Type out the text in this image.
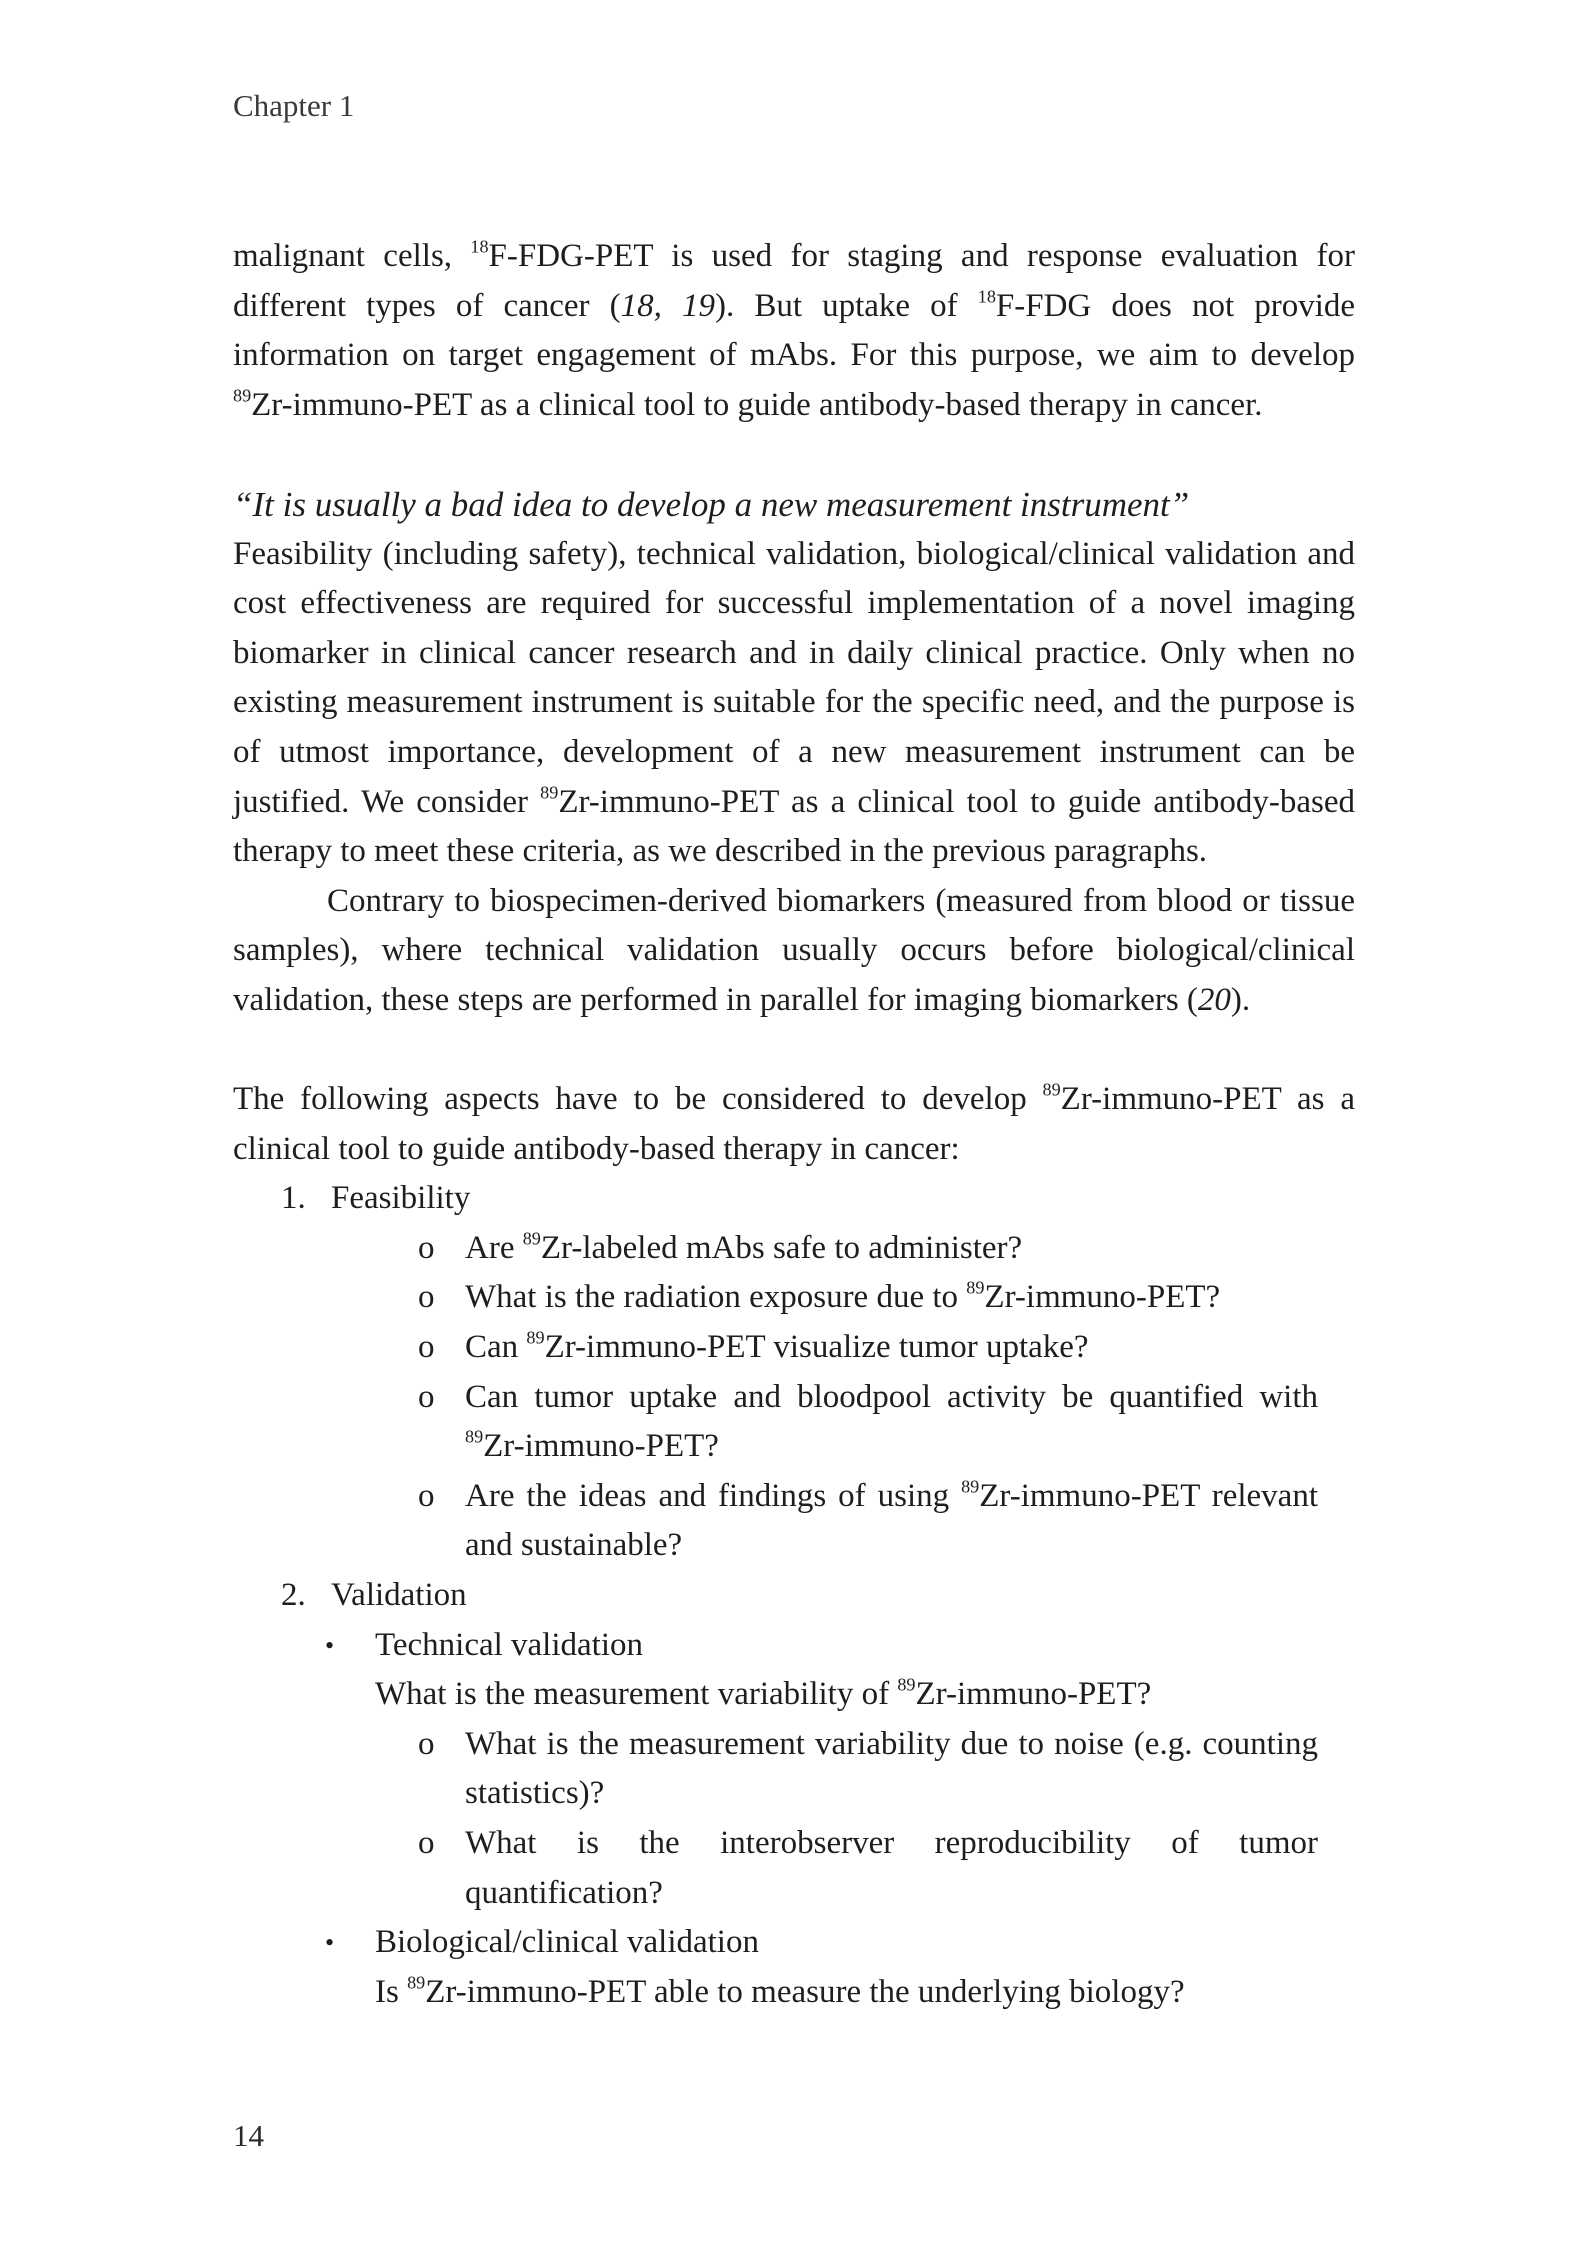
Chapter 1

malignant cells, $^{18}$F-FDG-PET is used for staging and response evaluation for different types of cancer (18, 19). But uptake of $^{18}$F-FDG does not provide information on target engagement of mAbs. For this purpose, we aim to develop $^{89}$Zr-immuno-PET as a clinical tool to guide antibody-based therapy in cancer.

“It is usually a bad idea to develop a new measurement instrument”

Feasibility (including safety), technical validation, biological/clinical validation and cost effectiveness are required for successful implementation of a novel imaging biomarker in clinical cancer research and in daily clinical practice. Only when no existing measurement instrument is suitable for the specific need, and the purpose is of utmost importance, development of a new measurement instrument can be justified. We consider $^{89}$Zr-immuno-PET as a clinical tool to guide antibody-based therapy to meet these criteria, as we described in the previous paragraphs.

Contrary to biospecimen-derived biomarkers (measured from blood or tissue samples), where technical validation usually occurs before biological/clinical validation, these steps are performed in parallel for imaging biomarkers (20).

The following aspects have to be considered to develop $^{89}$Zr-immuno-PET as a clinical tool to guide antibody-based therapy in cancer:

1. Feasibility
o Are $^{89}$Zr-labeled mAbs safe to administer?
o What is the radiation exposure due to $^{89}$Zr-immuno-PET?
o Can $^{89}$Zr-immuno-PET visualize tumor uptake?
o Can tumor uptake and bloodpool activity be quantified with $^{89}$Zr-immuno-PET?
o Are the ideas and findings of using $^{89}$Zr-immuno-PET relevant and sustainable?
2. Validation
•	Technical validation
What is the measurement variability of $^{89}$Zr-immuno-PET?
o What is the measurement variability due to noise (e.g. counting statistics)?
o What is the interobserver reproducibility of tumor quantification?
•	Biological/clinical validation
Is $^{89}$Zr-immuno-PET able to measure the underlying biology?
14
